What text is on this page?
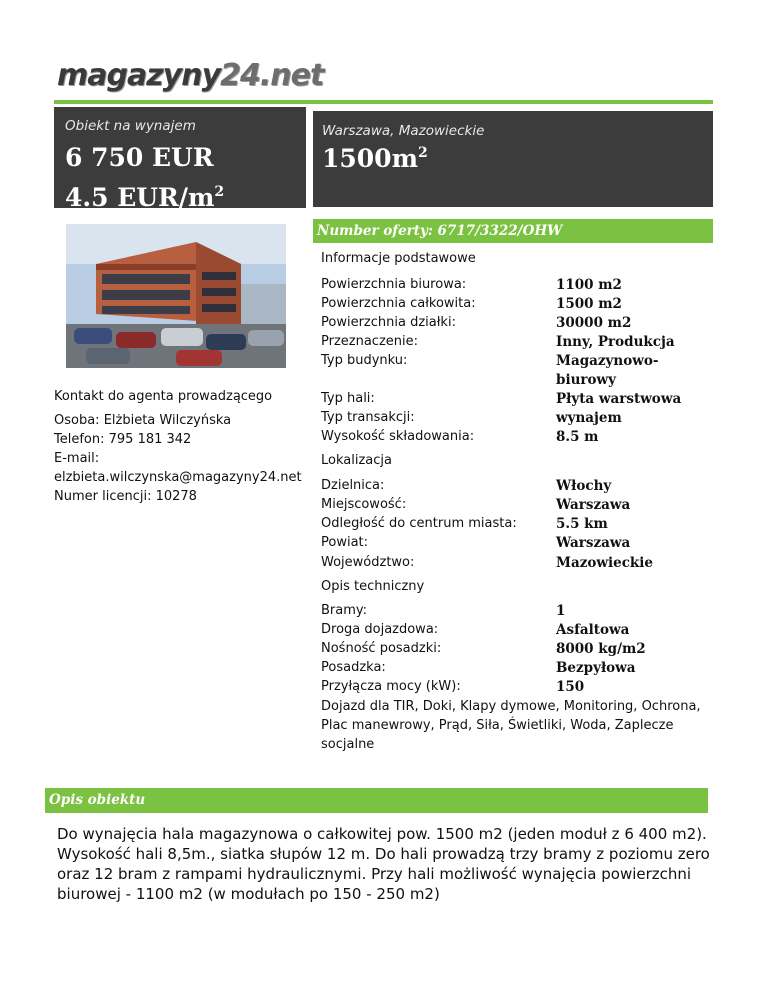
magazyny24.net
Obiekt na wynajem
6 750 EUR
4.5 EUR/$m^2$
Warszawa, Mazowieckie
$1500m^2$
Number oferty: 6717/3322/OHW
Kontakt do agenta prowadzącego
Osoba: Elżbieta Wilczyńska
Telefon: 795 181 342
E-mail:
elzbieta.wilczynska@magazyny24.net
Numer licencji: 10278
Informacje podstawowe
Powierzchnia biurowa:	1100 m2
Powierzchnia całkowita:	1500 m2
Powierzchnia działki:	30000 m2
Przeznaczenie:	Inny, Produkcja
Typ budynku:	Magazynowo-
biurowy
Typ hali:	Płyta warstwowa
Typ transakcji:	wynajem
Wysokość składowania:	8.5 m
Lokalizacja
Dzielnica:	Włochy
Miejscowość:	Warszawa
Odległość do centrum miasta:	5.5 km
Powiat:	Warszawa
Województwo:	Mazowieckie
Opis techniczny
Bramy:	1
Droga dojazdowa:	Asfaltowa
Nośność posadzki:	8000 kg/m2
Posadzka:	Bezpyłowa
Przyłącza mocy (kW):	150
Dojazd dla TIR, Doki, Klapy dymowe, Monitoring, Ochrona, Plac manewrowy, Prąd, Siła, Świetliki, Woda, Zaplecze socjalne
Opis obiektu
Do wynajęcia hala magazynowa o całkowitej pow. 1500 m2 (jeden moduł z 6 400 m2). Wysokość hali 8,5m., siatka słupów 12 m. Do hali prowadzą trzy bramy z poziomu zero oraz 12 bram z rampami hydraulicznymi. Przy hali możliwość wynajęcia powierzchni biurowej - 1100 m2 (w modułach po 150 - 250 m2)
